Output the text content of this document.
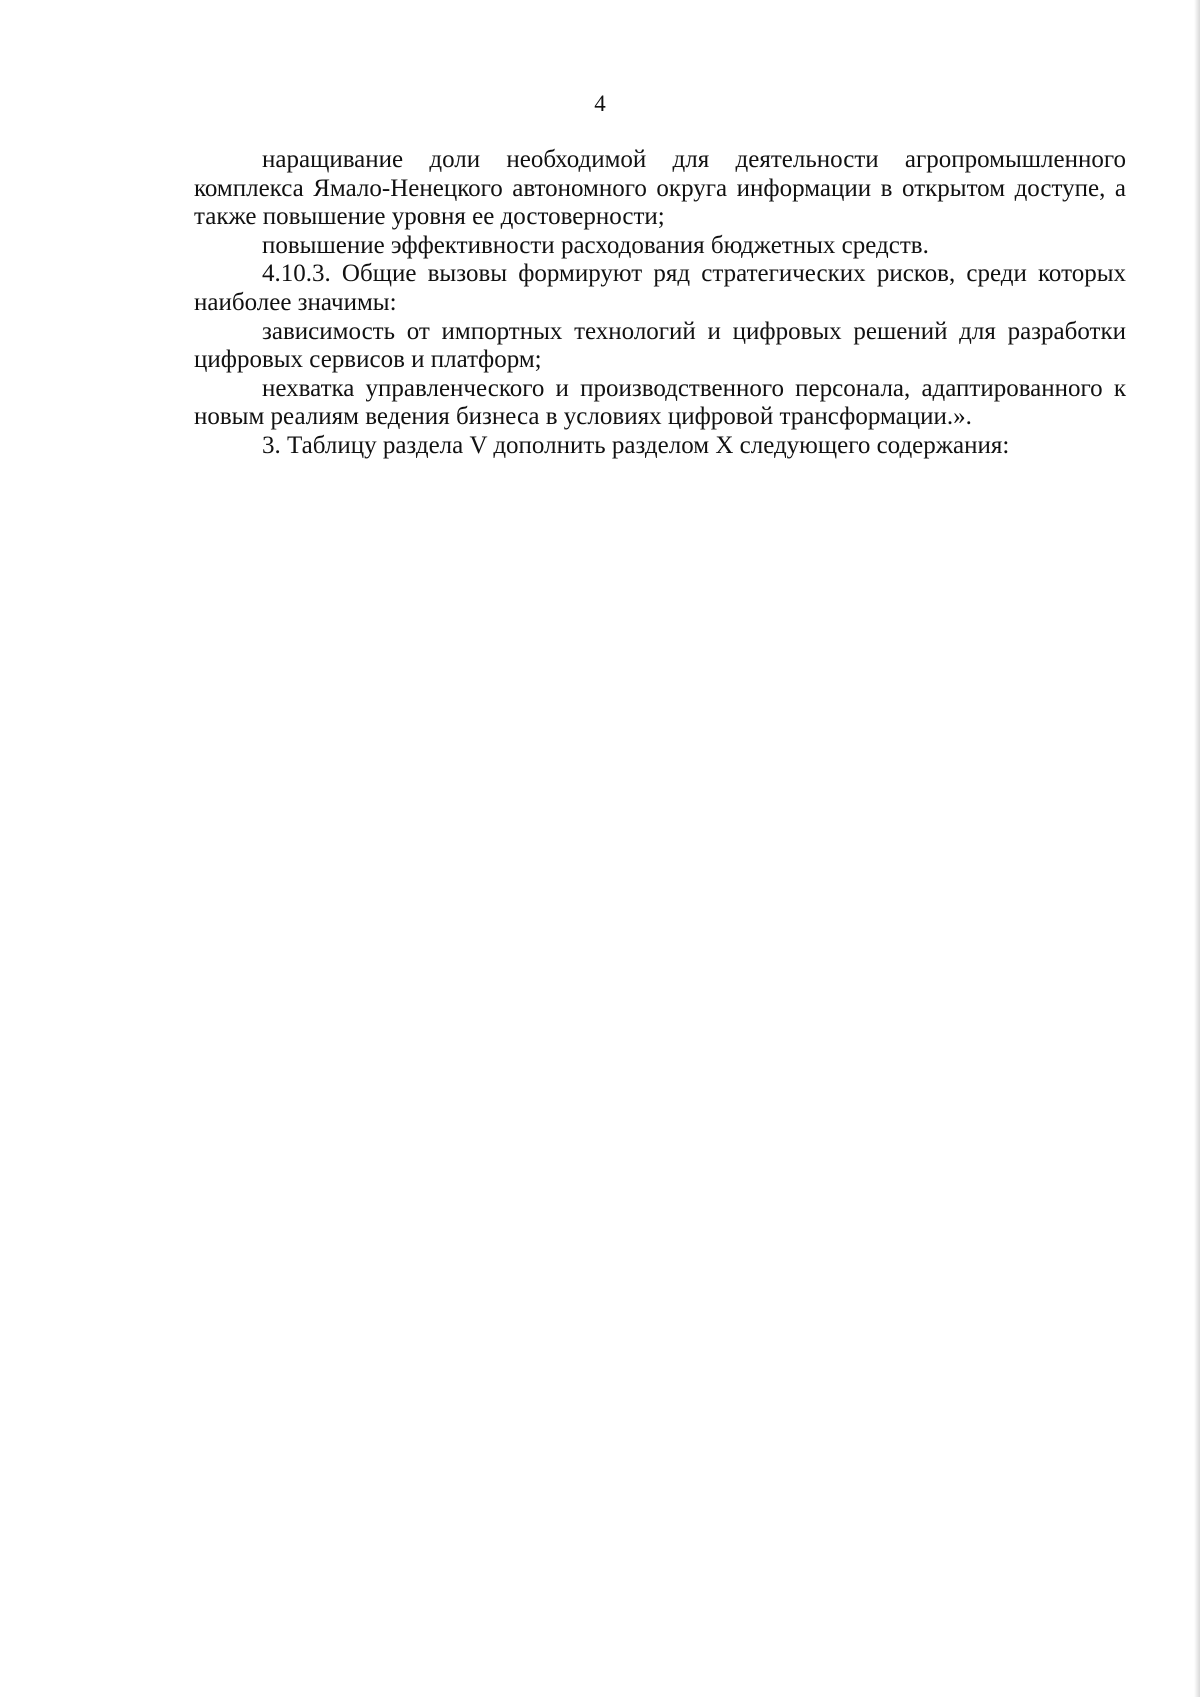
4

наращивание доли необходимой для деятельности агропромышленного комплекса Ямало-Ненецкого автономного округа информации в открытом доступе, а также повышение уровня ее достоверности;

повышение эффективности расходования бюджетных средств.

4.10.3. Общие вызовы формируют ряд стратегических рисков, среди которых наиболее значимы:

зависимость от импортных технологий и цифровых решений для разработки цифровых сервисов и платформ;

нехватка управленческого и производственного персонала, адаптированного к новым реалиям ведения бизнеса в условиях цифровой трансформации.».

3. Таблицу раздела V дополнить разделом X следующего содержания:
